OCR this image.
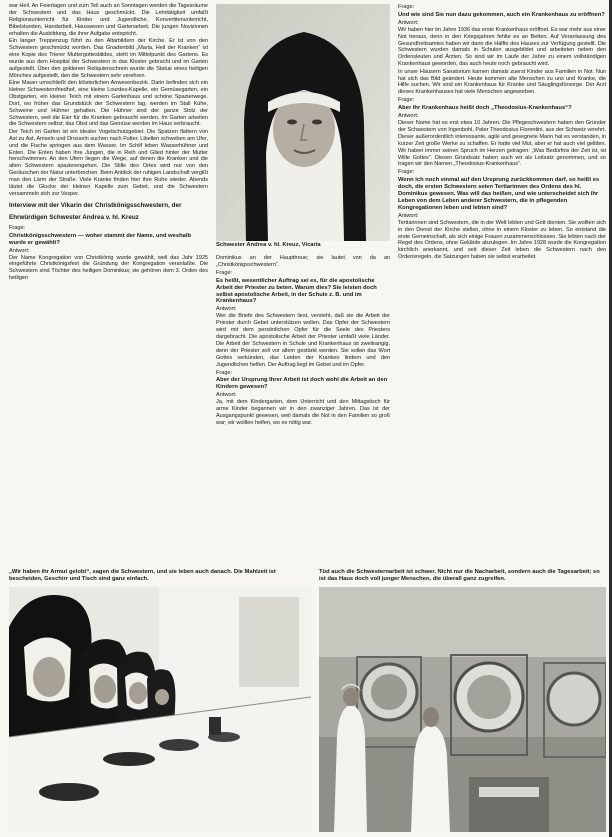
war Heil. An Feiertagen und zum Teil auch an Sonntagen werden die Tagesräume der Schwestern und das Haus geschmückt. Die Lehrtätigkeit umfaßt Religionsunterricht für Kinder und Jugendliche, Konvertitenunterricht, Bibelstunden, Handarbeit, Hauswesen und Gartenarbeit. Die jungen Novizinnen erhalten die Ausbildung, die ihrer Aufgabe entspricht.

Ein langer Treppenzug führt zu den Altarbildern der Kirche. Er ist von den Schwestern geschmückt worden. Das Gnadenbild „Maria, Heil der Kranken“ ist eine Kopie des Trierer Muttergottesbildes, steht im Mittelpunkt des Gartens. Es wurde aus dem Hospital der Schwestern in das Kloster gebracht und im Garten aufgestellt. Über den goldenen Reliquienschrein wurde die Statue eines heiligen Mönches aufgestellt, den die Schwestern sehr verehren.

Eine Mauer umschließt den klösterlichen Anwesenbezirk. Darin befinden sich ein kleiner Schwesternfriedhof, eine kleine Lourdes-Kapelle, ein Gemüsegarten, ein Obstgarten, ein kleiner Teich mit einem Gartenhaus und schöne Spazierwege. Dort, wo früher das Grundstück der Schwestern lag, werden im Stall Kühe, Schweine und Hühner gehalten. Die Hühner sind der ganze Stolz der Schwestern, weil die Eier für die Kranken gebraucht werden. Im Garten arbeiten die Schwestern selbst; das Obst und das Gemüse werden im Haus verbraucht.

Der Teich im Garten ist ein idealer Vogelschutzgebiet. Die Spatzen flattern von Ast zu Ast, Amseln und Drosseln suchen nach Futter. Libellen schweben am Ufer, und die Fische springen aus dem Wasser. Im Schilf leben Wasserhühner und Enten. Die Enten haben ihre Jungen, die in Reih und Glied hinter der Mutter herschwimmen. An den Ufern liegen die Wege, auf denen die Kranken und die alten Schwestern spazierengehen. Die Stille des Ortes wird nur von den Geräuschen der Natur unterbrochen. Beim Anblick der ruhigen Landschaft vergißt man den Lärm der Straße. Viele Kranke finden hier ihre Ruhe wieder. Abends läutet die Glocke der kleinen Kapelle zum Gebet, und die Schwestern versammeln sich zur Vesper.

Interview mit der Vikarin der Christkönigsschwestern, der Ehrwürdigen Schwester Andrea v. hl. Kreuz

Frage:

Christkönigsschwestern — woher stammt der Name, und weshalb wurde er gewählt?

Antwort:

Der Name Kongregation von Christkönig wurde gewählt, weil das Jahr 1925 eingeführte Christkönigsfest die Gründung der Kongregation veranlaßte. Die Schwestern sind Töchter des heiligen Dominikus; sie gehören dem 3. Orden des heiligen

Schwester Andrea v. hl. Kreuz, Vicaria

Dominikus an der Haupttreue; sie lautet von da an „Christkönigsschwestern“.

Frage:

Es heißt, wesentlicher Auftrag sei es, für die apostolische Arbeit der Priester zu beten. Warum dies? Sie leisten doch selbst apostolische Arbeit, in der Schule z. B. und im Krankenhaus?

Antwort:

Wer die Briefe des Schwestern liest, versteht, daß sie die Arbeit der Priester durch Gebet unterstützen wollen. Das Opfer der Schwestern wird mit dem persönlichen Opfer für die Seele des Priesters dargebracht. Die apostolische Arbeit der Priester umfaßt viele Länder. Die Arbeit der Schwestern in Schule und Krankenhaus ist zweitrangig, denn der Priester soll vor allem gestärkt werden. Sie sollen das Wort Gottes verkünden, das Leiden der Kranken lindern und den Jugendlichen helfen. Der Auftrag liegt im Gebet und im Opfer.

Frage:

Aber der Ursprung Ihrer Arbeit ist doch wohl die Arbeit an den Kindern gewesen?

Antwort:

Ja, mit dem Kindergarten, dem Unterricht und den Mittagstisch für arme Kinder begannen wir in den zwanziger Jahren. Das ist der Ausgangspunkt gewesen, weil damals die Not in den Familien so groß war; wir wollten helfen, wo es nötig war.

Frage:

Und wie sind Sie nun dazu gekommen, auch ein Krankenhaus zu eröffnen?

Antwort:

Wir haben hier im Jahre 1936 das erste Krankenhaus eröffnet. Es war mehr aus einer Not heraus, denn in den Kriegsjahren fehlte es an Betten. Auf Veranlassung des Gesundheitsamtes haben wir dann die Hälfte des Hauses zur Verfügung gestellt. Die Schwestern wurden damals in Schulen ausgebildet und arbeiteten neben den Ordensleuten und Ärzten. So sind wir im Laufe der Jahre zu einem vollständigen Krankenhaus geworden, das auch heute noch gebraucht wird.

In unser Häusern Sanatorium kamen damals zuerst Kinder aus Familien in Not. Nun hat sich das Bild geändert. Heute kommen alte Menschen zu uns und Kranke, die Hilfe suchen. Wir sind ein Krankenhaus für Kranke und Säuglingsfürsorge. Der Arzt dieses Krankenhauses hat viele Menschen angeworben.

Frage:

Aber Ihr Krankenhaus heißt doch „Theodosius-Krankenhaus“?

Antwort:

Dieser Name hat es erst etwa 10 Jahren. Die Pflegeschwestern haben den Gründer der Schwestern von Ingenbohl, Pater Theodosius Florentini, aus der Schweiz verehrt. Dieser außerordentlich interessante, agile und gesegnete Mann hat es verstanden, in kurzer Zeit große Werke zu schaffen. Er hatte viel Mut, aber er hat auch viel gelitten. Wir haben immer seinen Spruch im Herzen getragen: „Was Bedürfnis der Zeit ist, ist Wille Gottes“. Diesen Grundsatz haben auch wir als Leitsatz genommen, und so tragen wir den Namen „Theodosius-Krankenhaus“.

Frage:

Wenn ich noch einmal auf den Ursprung zurückkommen darf, so heißt es doch, die ersten Schwestern seien Tertiarinnen des Ordens des hl. Dominikus gewesen. Was will das heißen, und wie unterscheidet sich ihr Leben von dem Leben anderer Schwestern, die in pflegenden Kongregationen leben und lebten sind?

Antwort:

Tertiarinnen sind Schwestern, die in der Welt lebten und Gott dienten. Sie wollten sich in den Dienst der Kirche stellen, ohne in einem Kloster zu leben. So entstand die erste Gemeinschaft, als sich einige Frauen zusammenschlossen. Sie lebten nach der Regel des Ordens, ohne Gelübde abzulegen. Im Jahre 1928 wurde die Kongregation kirchlich anerkannt, und seit dieser Zeit leben die Schwestern nach den Ordensregeln, die Satzungen haben sie selbst erarbeitet.

„Wir haben ihr Armut gelobt“, sagen die Schwestern, und sie leben auch danach. Die Mahlzeit ist bescheiden, Geschirr und Tisch sind ganz einfach.

Tüd auch die Schwesternarbeit ist schwer. Nicht nur die Nacharbeit, sondern auch die Tagesarbeit; so ist das Haus doch voll junger Menschen, die überall ganz zugreifen.
